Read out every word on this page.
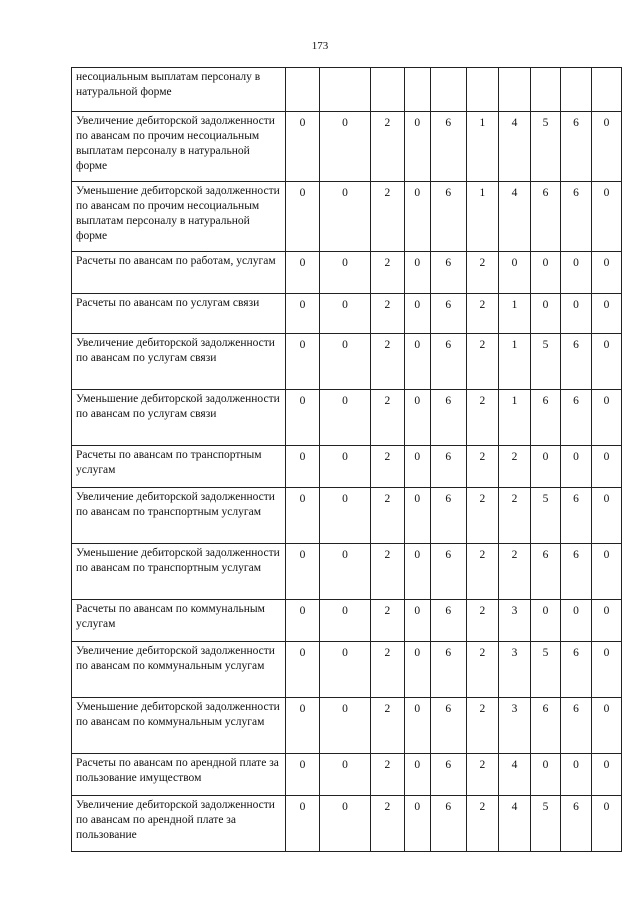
173
несоциальным выплатам персоналу в натуральной форме										
Увеличение дебиторской задолженности по авансам по прочим несоциальным выплатам персоналу в натуральной форме	0	0	2	0	6	1	4	5	6	0
Уменьшение дебиторской задолженности по авансам по прочим несоциальным выплатам персоналу в натуральной форме	0	0	2	0	6	1	4	6	6	0
Расчеты по авансам по работам, услугам	0	0	2	0	6	2	0	0	0	0
Расчеты по авансам по услугам связи	0	0	2	0	6	2	1	0	0	0
Увеличение дебиторской задолженности по авансам по услугам связи	0	0	2	0	6	2	1	5	6	0
Уменьшение дебиторской задолженности по авансам по услугам связи	0	0	2	0	6	2	1	6	6	0
Расчеты по авансам по транспортным услугам	0	0	2	0	6	2	2	0	0	0
Увеличение дебиторской задолженности по авансам по транспортным услугам	0	0	2	0	6	2	2	5	6	0
Уменьшение дебиторской задолженности по авансам по транспортным услугам	0	0	2	0	6	2	2	6	6	0
Расчеты по авансам по коммунальным услугам	0	0	2	0	6	2	3	0	0	0
Увеличение дебиторской задолженности по авансам по коммунальным услугам	0	0	2	0	6	2	3	5	6	0
Уменьшение дебиторской задолженности по авансам по коммунальным услугам	0	0	2	0	6	2	3	6	6	0
Расчеты по авансам по арендной плате за пользование имуществом	0	0	2	0	6	2	4	0	0	0
Увеличение дебиторской задолженности по авансам по арендной плате за пользование	0	0	2	0	6	2	4	5	6	0
